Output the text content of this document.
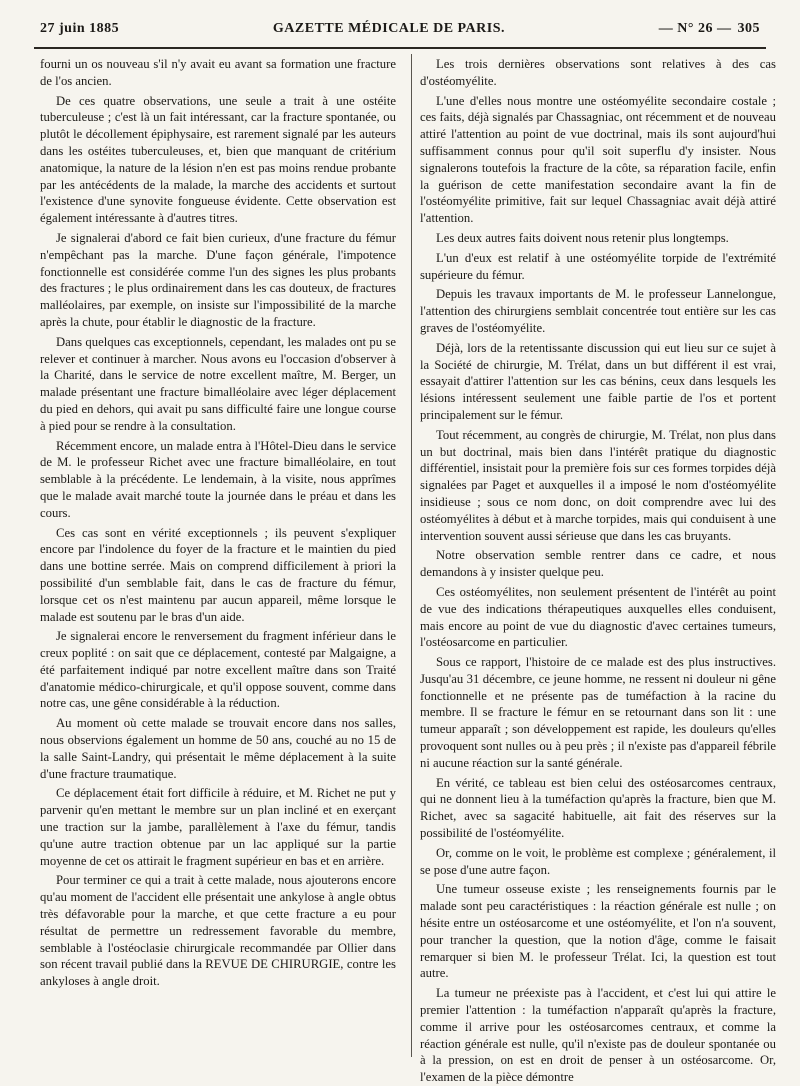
27 juin 1885	GAZETTE MÉDICALE DE PARIS.	— N° 26 — 305

fourni un os nouveau s'il n'y avait eu avant sa formation une fracture de l'os ancien.

De ces quatre observations, une seule a trait à une ostéite tuberculeuse ; c'est là un fait intéressant, car la fracture spontanée, ou plutôt le décollement épiphysaire, est rarement signalé par les auteurs dans les ostéites tuberculeuses, et, bien que manquant de critérium anatomique, la nature de la lésion n'en est pas moins rendue probante par les antécédents de la malade, la marche des accidents et surtout l'existence d'une synovite fongueuse évidente. Cette observation est également intéressante à d'autres titres.

Je signalerai d'abord ce fait bien curieux, d'une fracture du fémur n'empêchant pas la marche. D'une façon générale, l'impotence fonctionnelle est considérée comme l'un des signes les plus probants des fractures ; le plus ordinairement dans les cas douteux, de fractures malléolaires, par exemple, on insiste sur l'impossibilité de la marche après la chute, pour établir le diagnostic de la fracture.

Dans quelques cas exceptionnels, cependant, les malades ont pu se relever et continuer à marcher. Nous avons eu l'occasion d'observer à la Charité, dans le service de notre excellent maître, M. Berger, un malade présentant une fracture bimalléolaire avec léger déplacement du pied en dehors, qui avait pu sans difficulté faire une longue course à pied pour se rendre à la consultation.

Récemment encore, un malade entra à l'Hôtel-Dieu dans le service de M. le professeur Richet avec une fracture bimalléolaire, en tout semblable à la précédente. Le lendemain, à la visite, nous apprîmes que le malade avait marché toute la journée dans le préau et dans les cours.

Ces cas sont en vérité exceptionnels ; ils peuvent s'expliquer encore par l'indolence du foyer de la fracture et le maintien du pied dans une bottine serrée. Mais on comprend difficilement à priori la possibilité d'un semblable fait, dans le cas de fracture du fémur, lorsque cet os n'est maintenu par aucun appareil, même lorsque le malade est soutenu par le bras d'un aide.

Je signalerai encore le renversement du fragment inférieur dans le creux poplité : on sait que ce déplacement, contesté par Malgaigne, a été parfaitement indiqué par notre excellent maître dans son Traité d'anatomie médico-chirurgicale, et qu'il oppose souvent, comme dans notre cas, une gêne considérable à la réduction.

Au moment où cette malade se trouvait encore dans nos salles, nous observions également un homme de 50 ans, couché au no 15 de la salle Saint-Landry, qui présentait le même déplacement à la suite d'une fracture traumatique.

Ce déplacement était fort difficile à réduire, et M. Richet ne put y parvenir qu'en mettant le membre sur un plan incliné et en exerçant une traction sur la jambe, parallèlement à l'axe du fémur, tandis qu'une autre traction obtenue par un lac appliqué sur la partie moyenne de cet os attirait le fragment supérieur en bas et en arrière.

Pour terminer ce qui a trait à cette malade, nous ajouterons encore qu'au moment de l'accident elle présentait une ankylose à angle obtus très défavorable pour la marche, et que cette fracture a eu pour résultat de permettre un redressement favorable du membre, semblable à l'ostéoclasie chirurgicale recommandée par Ollier dans son récent travail publié dans la REVUE DE CHIRURGIE, contre les ankyloses à angle droit.

Les trois dernières observations sont relatives à des cas d'ostéomyélite.

L'une d'elles nous montre une ostéomyélite secondaire costale ; ces faits, déjà signalés par Chassagniac, ont récemment et de nouveau attiré l'attention au point de vue doctrinal, mais ils sont aujourd'hui suffisamment connus pour qu'il soit superflu d'y insister. Nous signalerons toutefois la fracture de la côte, sa réparation facile, enfin la guérison de cette manifestation secondaire avant la fin de l'ostéomyélite primitive, fait sur lequel Chassagniac avait déjà attiré l'attention.

Les deux autres faits doivent nous retenir plus longtemps.

L'un d'eux est relatif à une ostéomyélite torpide de l'extrémité supérieure du fémur.

Depuis les travaux importants de M. le professeur Lannelongue, l'attention des chirurgiens semblait concentrée tout entière sur les cas graves de l'ostéomyélite.

Déjà, lors de la retentissante discussion qui eut lieu sur ce sujet à la Société de chirurgie, M. Trélat, dans un but différent il est vrai, essayait d'attirer l'attention sur les cas bénins, ceux dans lesquels les lésions intéressent seulement une faible partie de l'os et portent principalement sur le fémur.

Tout récemment, au congrès de chirurgie, M. Trélat, non plus dans un but doctrinal, mais bien dans l'intérêt pratique du diagnostic différentiel, insistait pour la première fois sur ces formes torpides déjà signalées par Paget et auxquelles il a imposé le nom d'ostéomyélite insidieuse ; sous ce nom donc, on doit comprendre avec lui des ostéomyélites à début et à marche torpides, mais qui conduisent à une intervention souvent aussi sérieuse que dans les cas bruyants.

Notre observation semble rentrer dans ce cadre, et nous demandons à y insister quelque peu.

Ces ostéomyélites, non seulement présentent de l'intérêt au point de vue des indications thérapeutiques auxquelles elles conduisent, mais encore au point de vue du diagnostic d'avec certaines tumeurs, l'ostéosarcome en particulier.

Sous ce rapport, l'histoire de ce malade est des plus instructives. Jusqu'au 31 décembre, ce jeune homme, ne ressent ni douleur ni gêne fonctionnelle et ne présente pas de tuméfaction à la racine du membre. Il se fracture le fémur en se retournant dans son lit : une tumeur apparaît ; son développement est rapide, les douleurs qu'elles provoquent sont nulles ou à peu près ; il n'existe pas d'appareil fébrile ni aucune réaction sur la santé générale.

En vérité, ce tableau est bien celui des ostéosarcomes centraux, qui ne donnent lieu à la tuméfaction qu'après la fracture, bien que M. Richet, avec sa sagacité habituelle, ait fait des réserves sur la possibilité de l'ostéomyélite.

Or, comme on le voit, le problème est complexe ; généralement, il se pose d'une autre façon.

Une tumeur osseuse existe ; les renseignements fournis par le malade sont peu caractéristiques : la réaction générale est nulle ; on hésite entre un ostéosarcome et une ostéomyélite, et l'on n'a souvent, pour trancher la question, que la notion d'âge, comme le faisait remarquer si bien M. le professeur Trélat. Ici, la question est tout autre.

La tumeur ne préexiste pas à l'accident, et c'est lui qui attire le premier l'attention : la tuméfaction n'apparaît qu'après la fracture, comme il arrive pour les ostéosarcomes centraux, et comme la réaction générale est nulle, qu'il n'existe pas de douleur spontanée ou à la pression, on est en droit de penser à un ostéosarcome. Or, l'examen de la pièce démontre
